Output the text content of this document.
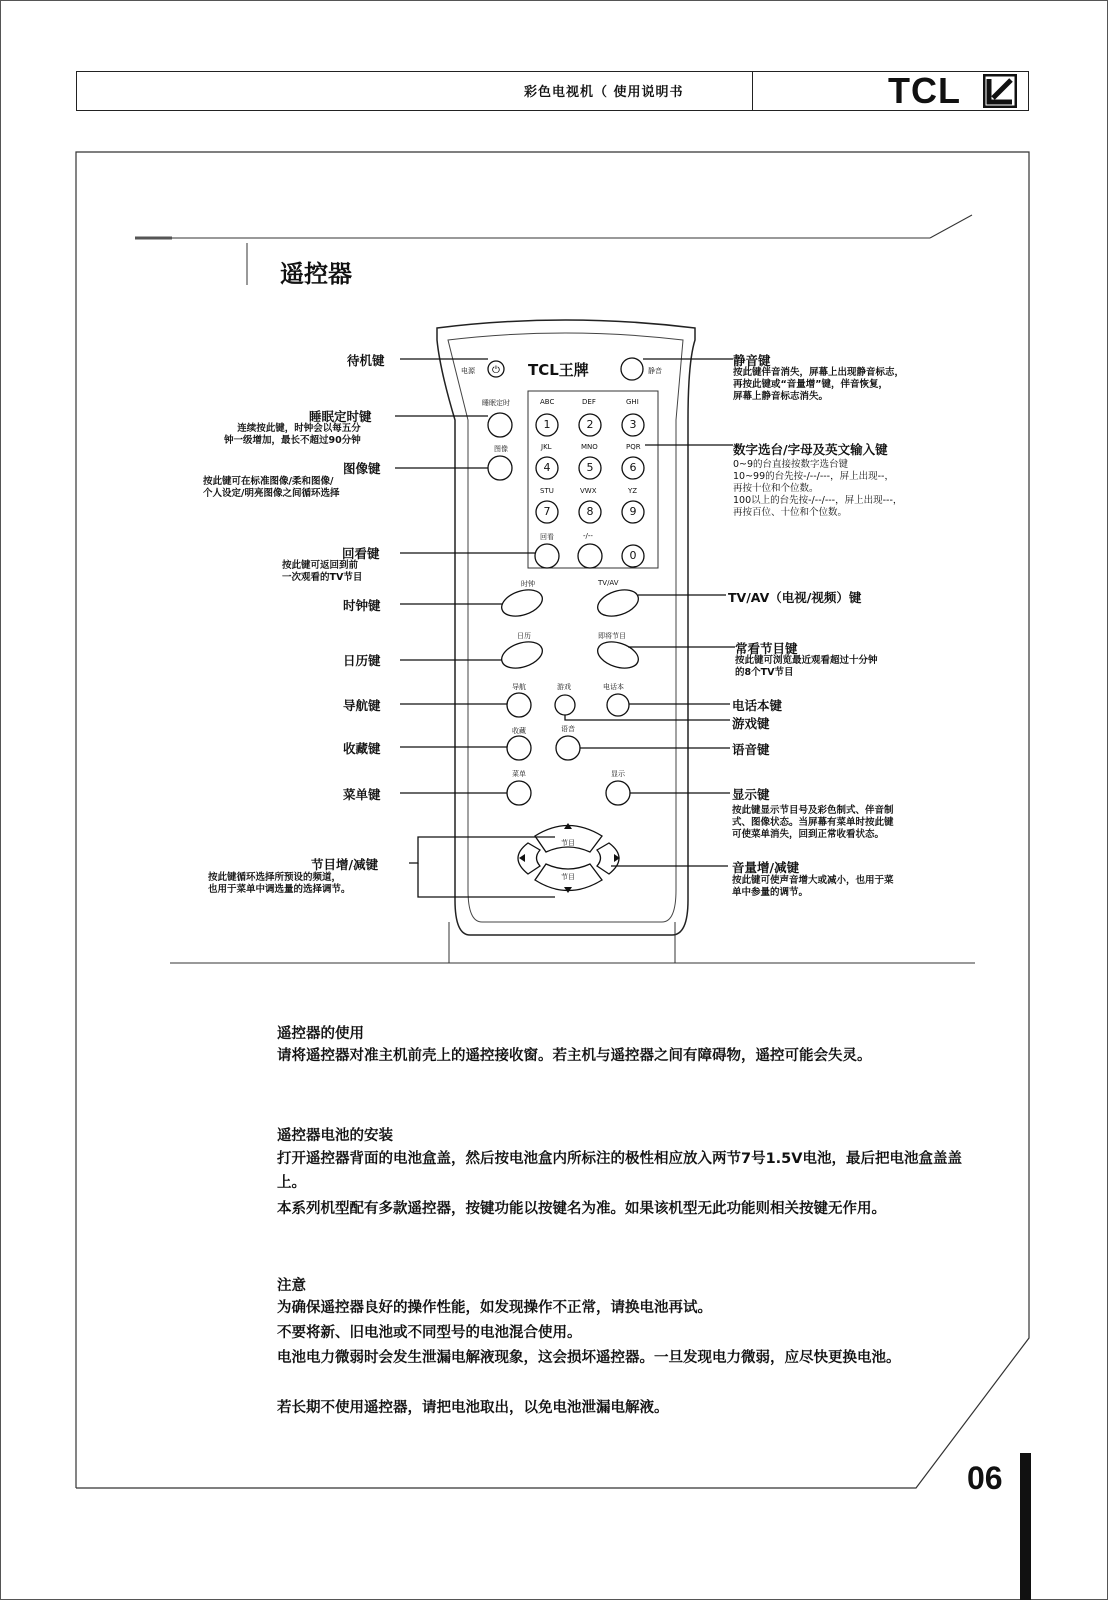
彩色电视机（ 使用说明书	TCL
遥控器
⏻
电源	静音
TCL王牌
睡眠定时
图像
ABC	DEF	GHI
JKL	MNO	PQR
STU	VWX	YZ
回看	-/--
1	2	3
4	5	6
7	8	9
0
时钟	TV/AV
日历	即将节目
导航	游戏	电话本
收藏	语音
菜单	显示
节目
节目
待机键
睡眠定时键
连续按此键，时钟会以每五分
钟一级增加，最长不超过90分钟
图像键
按此键可在标准图像/柔和图像/
个人设定/明亮图像之间循环选择
回看键
按此键可返回到前
一次观看的TV节目
时钟键
日历键
导航键
收藏键
菜单键
节目增/减键
按此键循环选择所预设的频道，
也用于菜单中调选量的选择调节。
静音键
按此键伴音消失，屏幕上出现静音标志，
再按此键或“音量增”键，伴音恢复，
屏幕上静音标志消失。
数字选台/字母及英文输入键
0~9的台直接按数字选台键
10~99的台先按-/--/---，屏上出现--，
再按十位和个位数。
100以上的台先按-/--/---，屏上出现---，
再按百位、十位和个位数。
TV/AV（电视/视频）键
常看节目键
按此键可浏览最近观看超过十分钟
的8个TV节目
电话本键
游戏键
语音键
显示键
按此键显示节目号及彩色制式、伴音制
式、图像状态。当屏幕有菜单时按此键
可使菜单消失，回到正常收看状态。
音量增/减键
按此键可使声音增大或减小，也用于菜
单中参量的调节。
遥控器的使用
请将遥控器对准主机前壳上的遥控接收窗。若主机与遥控器之间有障碍物，遥控可能会失灵。
遥控器电池的安装
打开遥控器背面的电池盒盖，然后按电池盒内所标注的极性相应放入两节7号1.5V电池，最后把电池盒盖盖上。
本系列机型配有多款遥控器，按键功能以按键名为准。如果该机型无此功能则相关按键无作用。
注意
为确保遥控器良好的操作性能，如发现操作不正常，请换电池再试。
不要将新、旧电池或不同型号的电池混合使用。
电池电力微弱时会发生泄漏电解液现象，这会损坏遥控器。一旦发现电力微弱，应尽快更换电池。
若长期不使用遥控器，请把电池取出，以免电池泄漏电解液。
06
